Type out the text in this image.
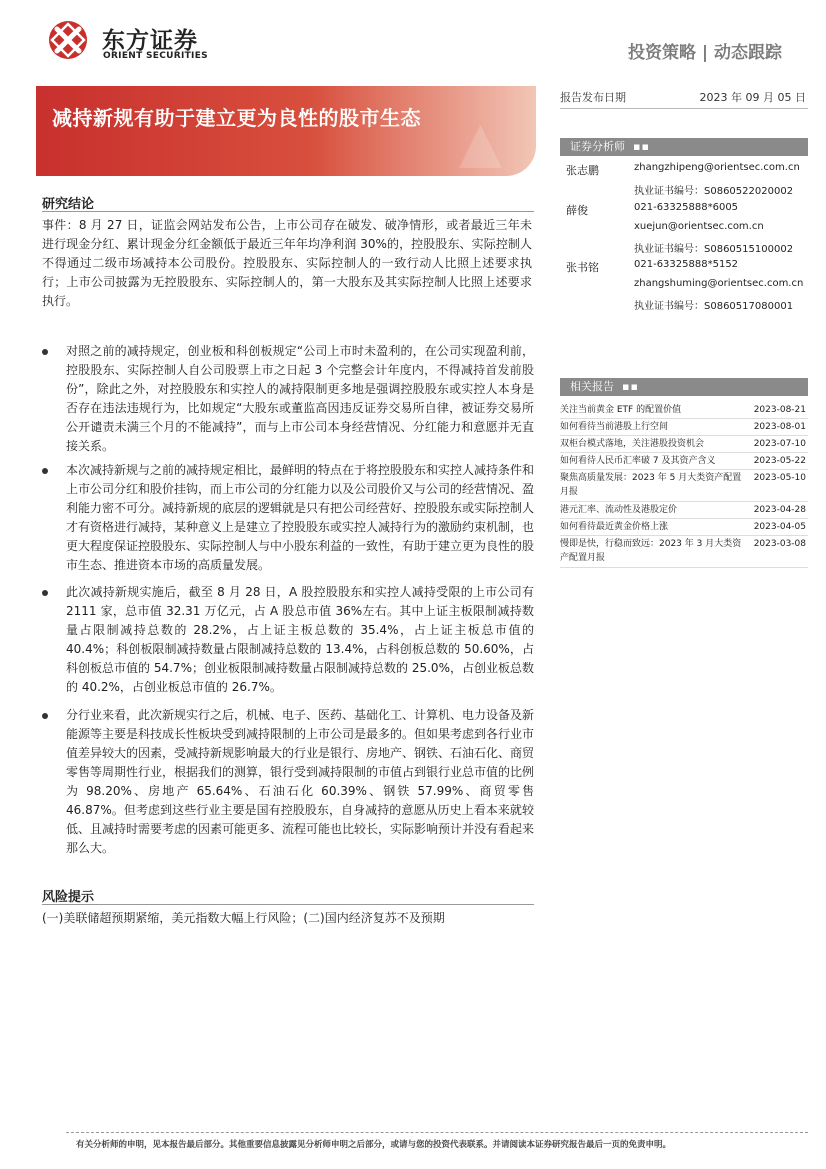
东方证券
ORIENT SECURITIES	投资策略 | 动态跟踪
减持新规有助于建立更为良性的股市生态 ▲
报告发布日期	2023 年 09 月 05 日
证券分析师 ▪▪
张志鹏	zhangzhipeng@orientsec.com.cn
执业证书编号：S0860522020002
薛俊	021-63325888*6005
xuejun@orientsec.com.cn
执业证书编号：S0860515100002
张书铭	021-63325888*5152
zhangshuming@orientsec.com.cn
执业证书编号：S0860517080001
相关报告 ▪▪
关注当前黄金 ETF 的配置价值	2023-08-21
如何看待当前港股上行空间	2023-08-01
双柜台模式落地，关注港股投资机会	2023-07-10
如何看待人民币汇率破 7 及其资产含义	2023-05-22
聚焦高质量发展：2023 年 5 月大类资产配置月报
2023-05-10
港元汇率、流动性及港股定价	2023-04-28
如何看待最近黄金价格上涨	2023-04-05
慢即是快，行稳而致远：2023 年 3 月大类资产配置月报
2023-03-08
研究结论
事件：8 月 27 日，证监会网站发布公告，上市公司存在破发、破净情形，或者最近三年未进行现金分红、累计现金分红金额低于最近三年年均净利润 30%的，控股股东、实际控制人不得通过二级市场减持本公司股份。控股股东、实际控制人的一致行动人比照上述要求执行；上市公司披露为无控股股东、实际控制人的，第一大股东及其实际控制人比照上述要求执行。
对照之前的减持规定，创业板和科创板规定“公司上市时未盈利的，在公司实现盈利前，控股股东、实际控制人自公司股票上市之日起 3 个完整会计年度内，不得减持首发前股份”，除此之外，对控股股东和实控人的减持限制更多地是强调控股股东或实控人本身是否存在违法违规行为，比如规定“大股东或董监高因违反证券交易所自律，被证券交易所公开谴责未满三个月的不能减持”，而与上市公司本身经营情况、分红能力和意愿并无直接关系。
本次减持新规与之前的减持规定相比，最鲜明的特点在于将控股股东和实控人减持条件和上市公司分红和股价挂钩，而上市公司的分红能力以及公司股价又与公司的经营情况、盈利能力密不可分。减持新规的底层的逻辑就是只有把公司经营好、控股股东或实际控制人才有资格进行减持，某种意义上是建立了控股股东或实控人减持行为的激励约束机制，也更大程度保证控股股东、实际控制人与中小股东利益的一致性，有助于建立更为良性的股市生态、推进资本市场的高质量发展。
此次减持新规实施后，截至 8 月 28 日，A 股控股股东和实控人减持受限的上市公司有 2111 家，总市值 32.31 万亿元，占 A 股总市值 36%左右。其中上证主板限制减持数量占限制减持总数的 28.2%，占上证主板总数的 35.4%，占上证主板总市值的 40.4%；科创板限制减持数量占限制减持总数的 13.4%，占科创板总数的 50.60%，占科创板总市值的 54.7%；创业板限制减持数量占限制减持总数的 25.0%，占创业板总数的 40.2%，占创业板总市值的 26.7%。
分行业来看，此次新规实行之后，机械、电子、医药、基础化工、计算机、电力设备及新能源等主要是科技成长性板块受到减持限制的上市公司是最多的。但如果考虑到各行业市值差异较大的因素，受减持新规影响最大的行业是银行、房地产、钢铁、石油石化、商贸零售等周期性行业，根据我们的测算，银行受到减持限制的市值占到银行业总市值的比例为 98.20%、房地产 65.64%、石油石化 60.39%、钢铁 57.99%、商贸零售 46.87%。但考虑到这些行业主要是国有控股股东，自身减持的意愿从历史上看本来就较低、且减持时需要考虑的因素可能更多、流程可能也比较长，实际影响预计并没有看起来那么大。
风险提示
(一)美联储超预期紧缩，美元指数大幅上行风险；(二)国内经济复苏不及预期
有关分析师的申明，见本报告最后部分。其他重要信息披露见分析师申明之后部分，或请与您的投资代表联系。并请阅读本证券研究报告最后一页的免责申明。
